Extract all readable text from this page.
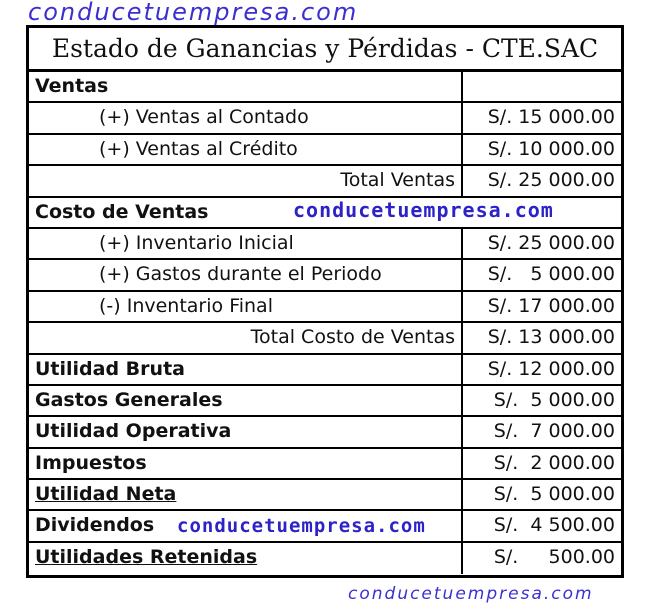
conducetuempresa.com
Estado de Ganancias y Pérdidas - CTE.SAC
Ventas
(+) Ventas al Contado	S/. 15 000.00
(+) Ventas al Crédito	S/. 10 000.00
Total Ventas	S/. 25 000.00
Costo de Ventas
(+) Inventario Inicial	S/. 25 000.00
(+) Gastos durante el Periodo	S/.   5 000.00
(-) Inventario Final	S/. 17 000.00
Total Costo de Ventas	S/. 13 000.00
Utilidad Bruta	S/. 12 000.00
Gastos Generales	S/.  5 000.00
Utilidad Operativa	S/.  7 000.00
Impuestos	S/.  2 000.00
Utilidad Neta	S/.  5 000.00
Dividendos	S/.  4 500.00
Utilidades Retenidas	S/.     500.00
conducetuempresa.com
conducetuempresa.com
conducetuempresa.com
